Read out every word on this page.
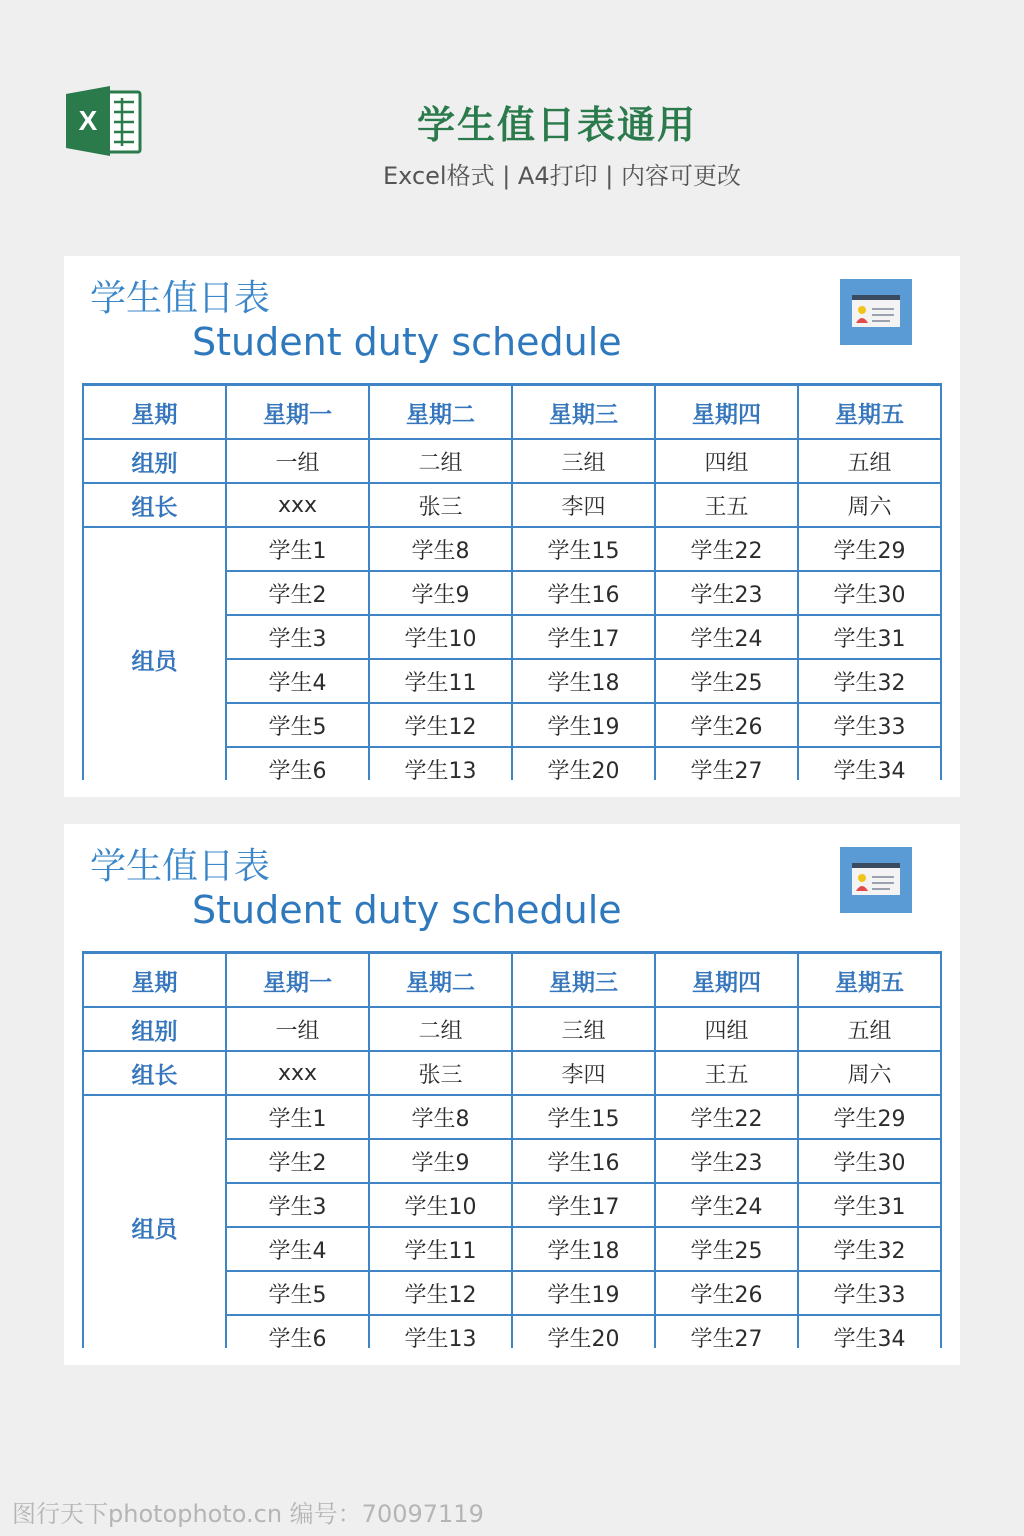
X	学生值日表通用
Excel格式 | A4打印 | 内容可更改
学生值日表
Student duty schedule
星期	星期一	星期二	星期三	星期四	星期五
组别	一组	二组	三组	四组	五组
组长	xxx	张三	李四	王五	周六
组员	学生1	学生8	学生15	学生22	学生29
	学生2	学生9	学生16	学生23	学生30
	学生3	学生10	学生17	学生24	学生31
	学生4	学生11	学生18	学生25	学生32
	学生5	学生12	学生19	学生26	学生33
	学生6	学生13	学生20	学生27	学生34
学生值日表
Student duty schedule
星期	星期一	星期二	星期三	星期四	星期五
组别	一组	二组	三组	四组	五组
组长	xxx	张三	李四	王五	周六
组员	学生1	学生8	学生15	学生22	学生29
	学生2	学生9	学生16	学生23	学生30
	学生3	学生10	学生17	学生24	学生31
	学生4	学生11	学生18	学生25	学生32
	学生5	学生12	学生19	学生26	学生33
	学生6	学生13	学生20	学生27	学生34
图行天下photophoto.cn 编号：70097119
